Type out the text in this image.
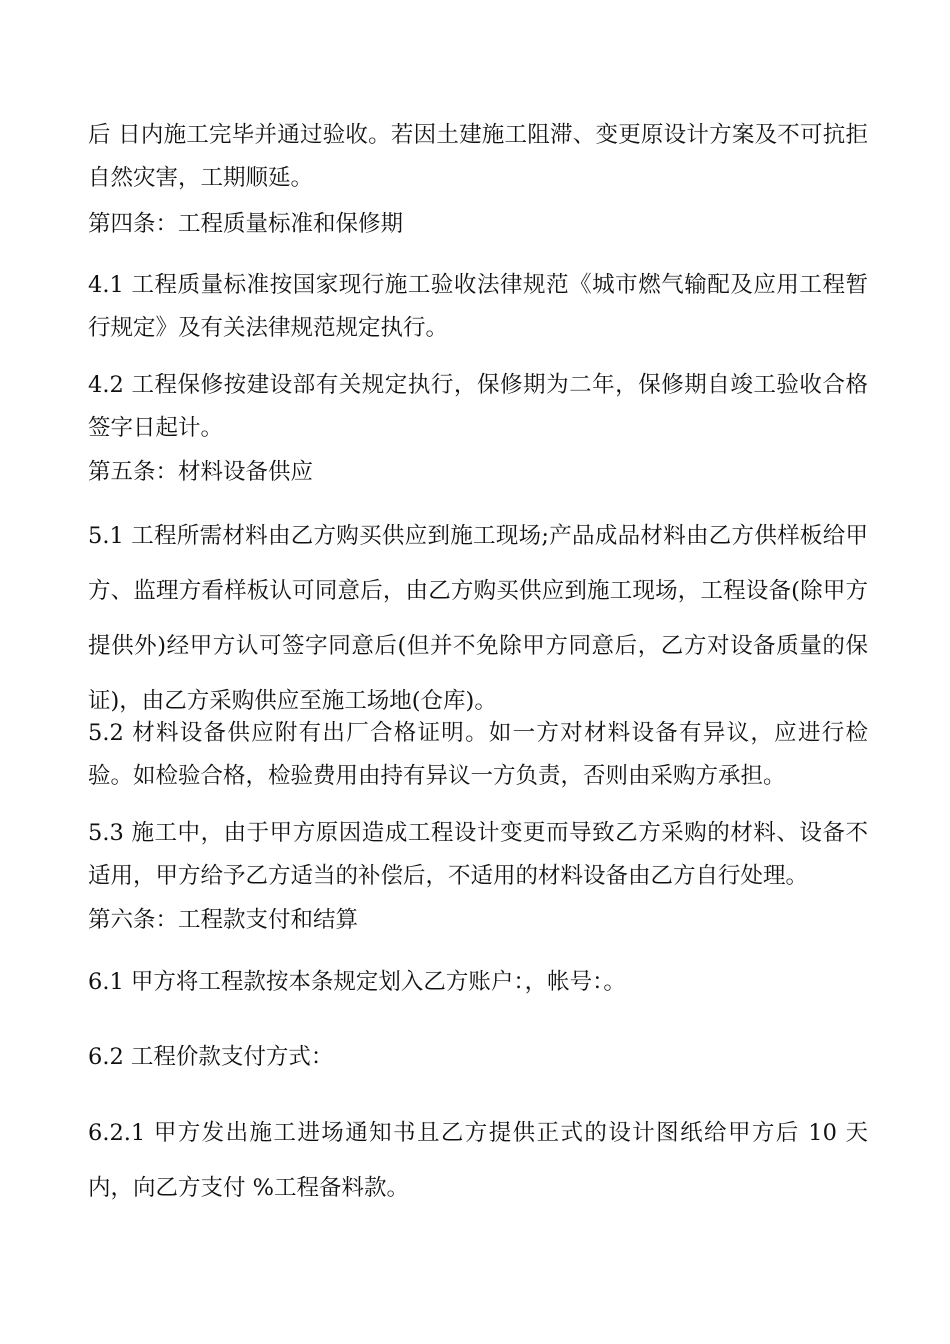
后 日内施工完毕并通过验收。若因土建施工阻滞、变更原设计方案及不可抗拒自然灾害，工期顺延。

第四条：工程质量标准和保修期

4.1 工程质量标准按国家现行施工验收法律规范《城市燃气输配及应用工程暂行规定》及有关法律规范规定执行。

4.2 工程保修按建设部有关规定执行，保修期为二年，保修期自竣工验收合格签字日起计。

第五条：材料设备供应

5.1 工程所需材料由乙方购买供应到施工现场;产品成品材料由乙方供样板给甲方、监理方看样板认可同意后，由乙方购买供应到施工现场，工程设备(除甲方提供外)经甲方认可签字同意后(但并不免除甲方同意后，乙方对设备质量的保证)，由乙方采购供应至施工场地(仓库)。

5.2 材料设备供应附有出厂合格证明。如一方对材料设备有异议，应进行检验。如检验合格，检验费用由持有异议一方负责，否则由采购方承担。

5.3 施工中，由于甲方原因造成工程设计变更而导致乙方采购的材料、设备不适用，甲方给予乙方适当的补偿后，不适用的材料设备由乙方自行处理。

第六条：工程款支付和结算

6.1 甲方将工程款按本条规定划入乙方账户：，帐号：。

6.2 工程价款支付方式：

6.2.1 甲方发出施工进场通知书且乙方提供正式的设计图纸给甲方后 10 天内，向乙方支付 %工程备料款。
